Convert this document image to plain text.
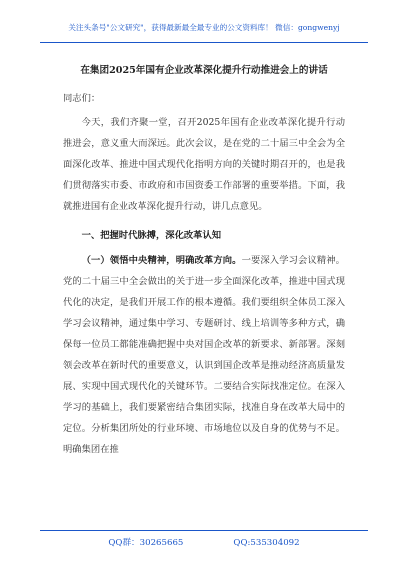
关注头条号"公文研究"，获得最新最全最专业的公文资料库！ 微信：gongwenyj
在集团2025年国有企业改革深化提升行动推进会上的讲话
同志们：

今天，我们齐聚一堂，召开2025年国有企业改革深化提升行动推进会，意义重大而深远。此次会议，是在党的二十届三中全会为全面深化改革、推进中国式现代化指明方向的关键时期召开的，也是我们贯彻落实市委、市政府和市国资委工作部署的重要举措。下面，我就推进国有企业改革深化提升行动，讲几点意见。

一、把握时代脉搏，深化改革认知

（一）领悟中央精神，明确改革方向。一要深入学习会议精神。党的二十届三中全会做出的关于进一步全面深化改革，推进中国式现代化的决定，是我们开展工作的根本遵循。我们要组织全体员工深入学习会议精神，通过集中学习、专题研讨、线上培训等多种方式，确保每一位员工都能准确把握中央对国企改革的新要求、新部署。深刻领会改革在新时代的重要意义，认识到国企改革是推动经济高质量发展、实现中国式现代化的关键环节。二要结合实际找准定位。在深入学习的基础上，我们要紧密结合集团实际，找准自身在改革大局中的定位。分析集团所处的行业环境、市场地位以及自身的优势与不足。明确集团在推

QQ群：30265665	QQ:535304092
